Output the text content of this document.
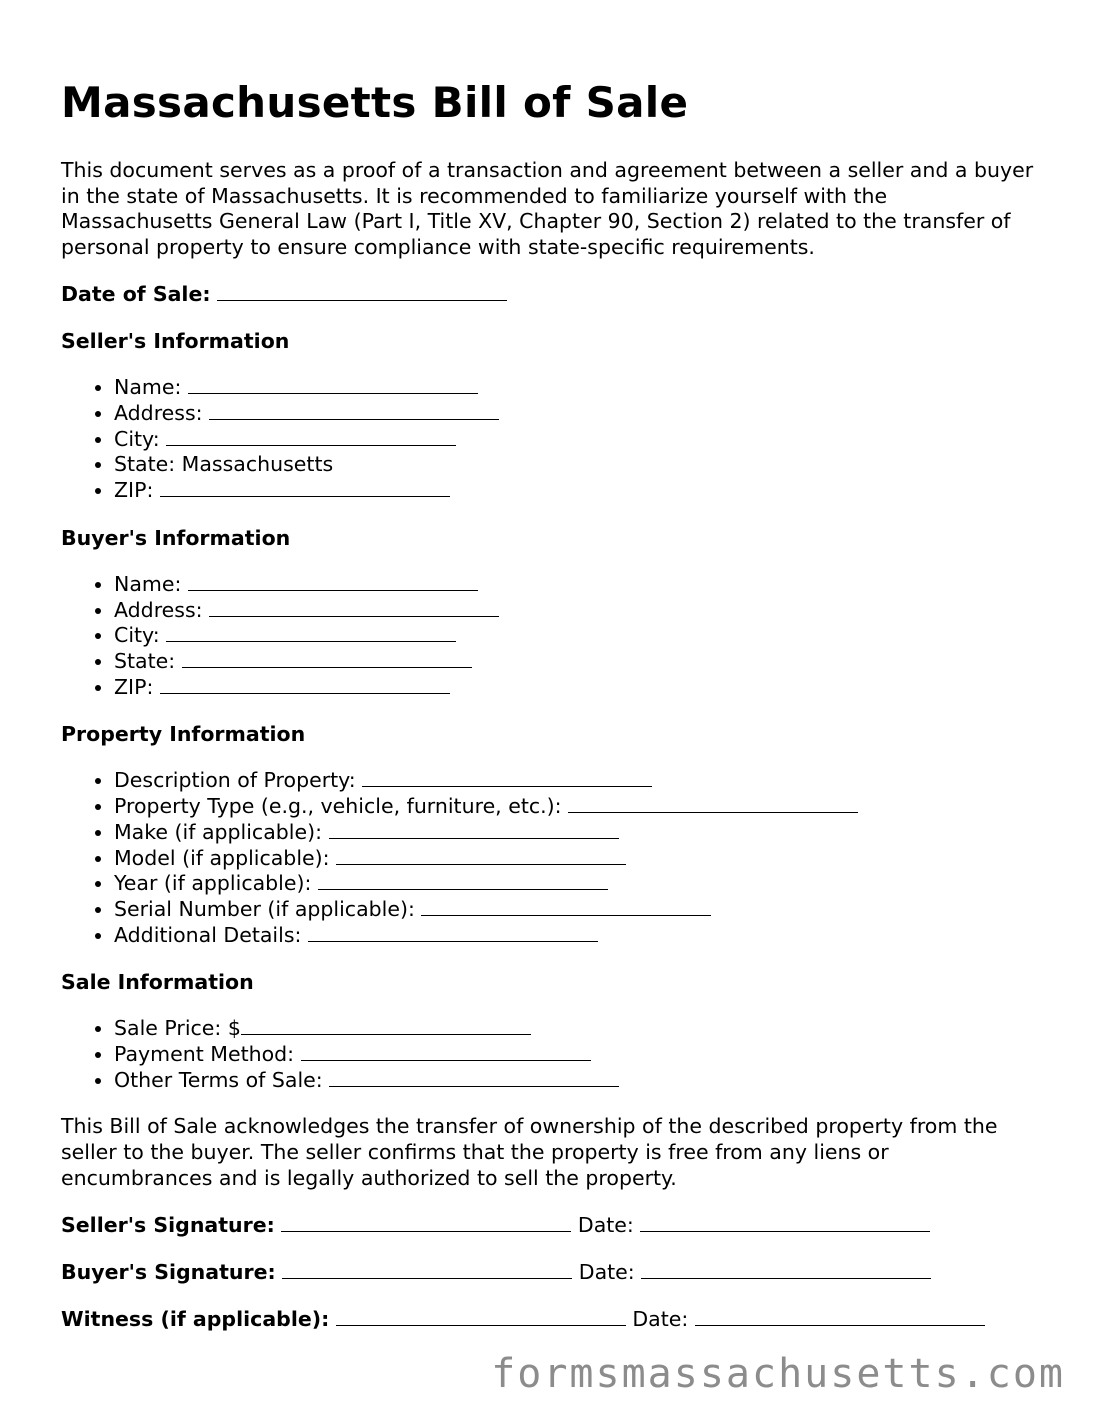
Massachusetts Bill of Sale

This document serves as a proof of a transaction and agreement between a seller and a buyer in the state of Massachusetts. It is recommended to familiarize yourself with the Massachusetts General Law (Part I, Title XV, Chapter 90, Section 2) related to the transfer of personal property to ensure compliance with state-specific requirements.

Date of Sale:
Seller's Information
• Name:
• Address:
• City:
• State: Massachusetts
• ZIP:
Buyer's Information
• Name:
• Address:
• City:
• State:
• ZIP:
Property Information
• Description of Property:
• Property Type (e.g., vehicle, furniture, etc.):
• Make (if applicable):
• Model (if applicable):
• Year (if applicable):
• Serial Number (if applicable):
• Additional Details:
Sale Information
• Sale Price: $
• Payment Method:
• Other Terms of Sale:

This Bill of Sale acknowledges the transfer of ownership of the described property from the seller to the buyer. The seller confirms that the property is free from any liens or encumbrances and is legally authorized to sell the property.

Seller's Signature:	Date:
Buyer's Signature:	Date:
Witness (if applicable):	Date:
formsmassachusetts.com
